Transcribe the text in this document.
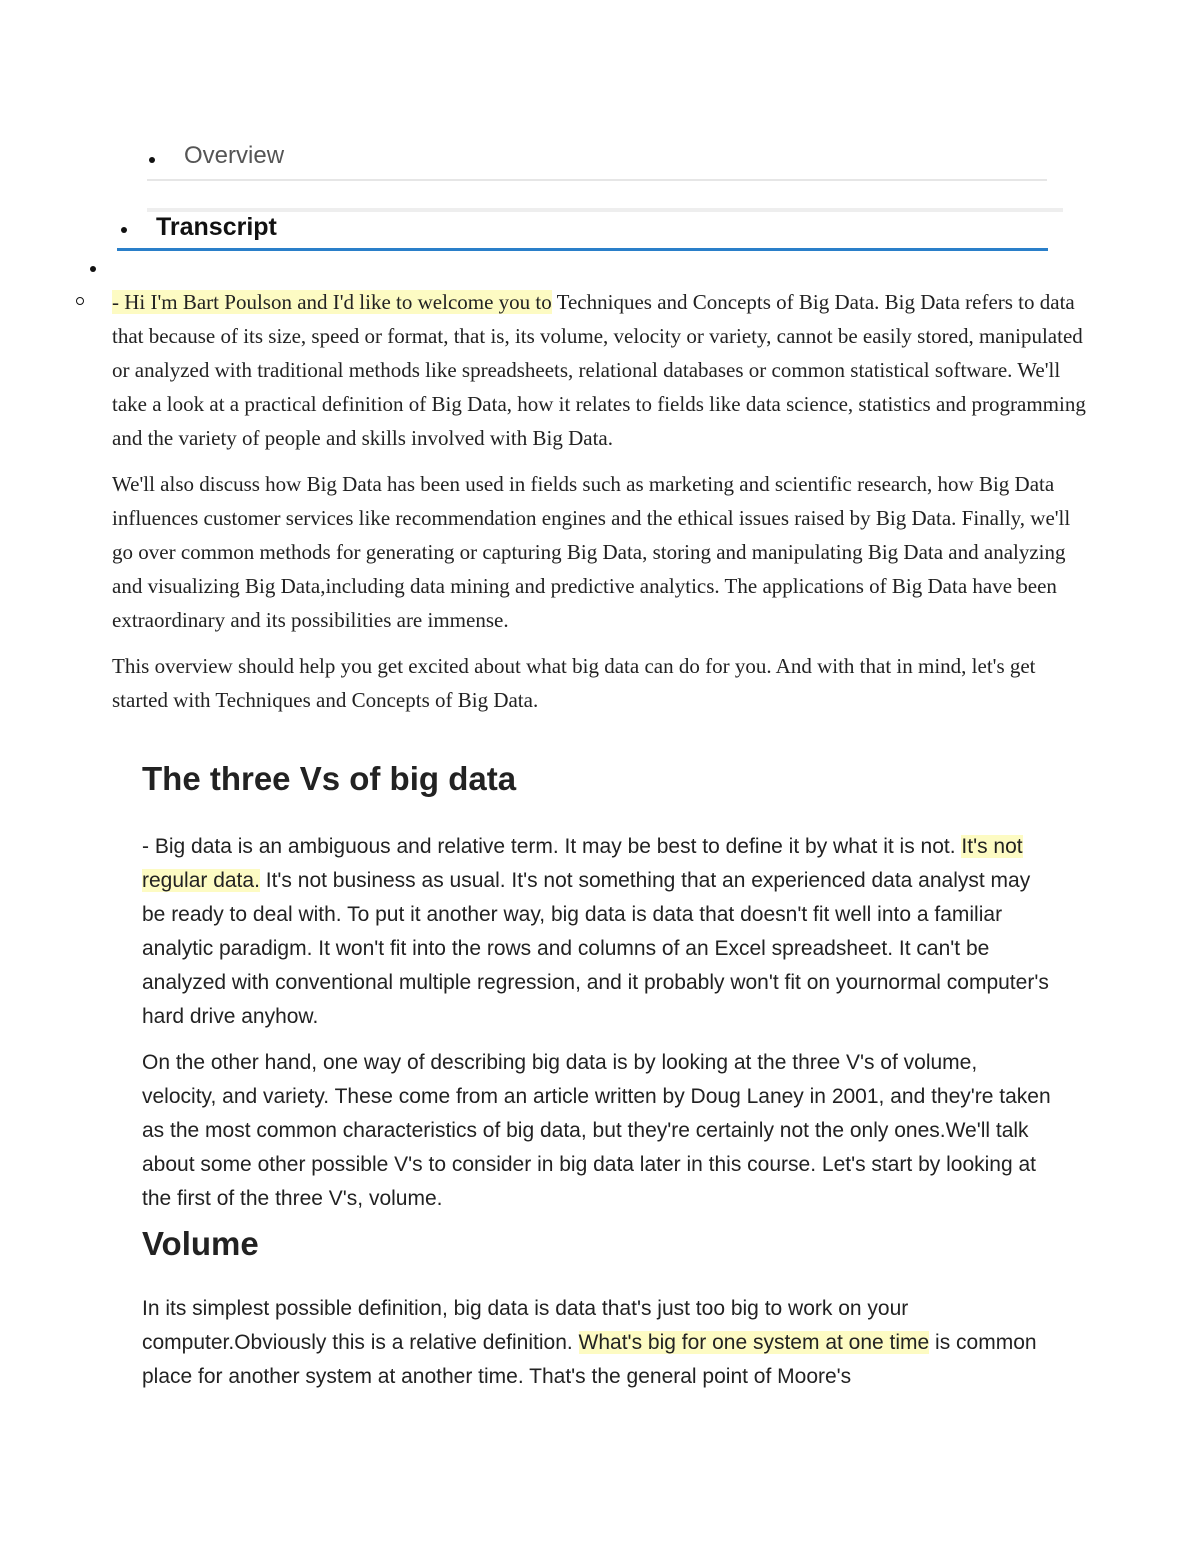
Overview
Transcript

- Hi I'm Bart Poulson and I'd like to welcome you to Techniques and Concepts of Big Data. Big Data refers to data that because of its size, speed or format, that is, its volume, velocity or variety, cannot be easily stored, manipulated or analyzed with traditional methods like spreadsheets, relational databases or common statistical software. We'll take a look at a practical definition of Big Data, how it relates to fields like data science, statistics and programming and the variety of people and skills involved with Big Data.

We'll also discuss how Big Data has been used in fields such as marketing and scientific research, how Big Data influences customer services like recommendation engines and the ethical issues raised by Big Data. Finally, we'll go over common methods for generating or capturing Big Data, storing and manipulating Big Data and analyzing and visualizing Big Data,including data mining and predictive analytics. The applications of Big Data have been extraordinary and its possibilities are immense.

This overview should help you get excited about what big data can do for you. And with that in mind, let's get started with Techniques and Concepts of Big Data.

The three Vs of big data

- Big data is an ambiguous and relative term. It may be best to define it by what it is not. It's not regular data. It's not business as usual. It's not something that an experienced data analyst may be ready to deal with. To put it another way, big data is data that doesn't fit well into a familiar analytic paradigm. It won't fit into the rows and columns of an Excel spreadsheet. It can't be analyzed with conventional multiple regression, and it probably won't fit on yournormal computer's hard drive anyhow.

On the other hand, one way of describing big data is by looking at the three V's of volume, velocity, and variety. These come from an article written by Doug Laney in 2001, and they're taken as the most common characteristics of big data, but they're certainly not the only ones.We'll talk about some other possible V's to consider in big data later in this course. Let's start by looking at the first of the three V's, volume.

Volume

In its simplest possible definition, big data is data that's just too big to work on your computer.Obviously this is a relative definition. What's big for one system at one time is common place for another system at another time. That's the general point of Moore's
